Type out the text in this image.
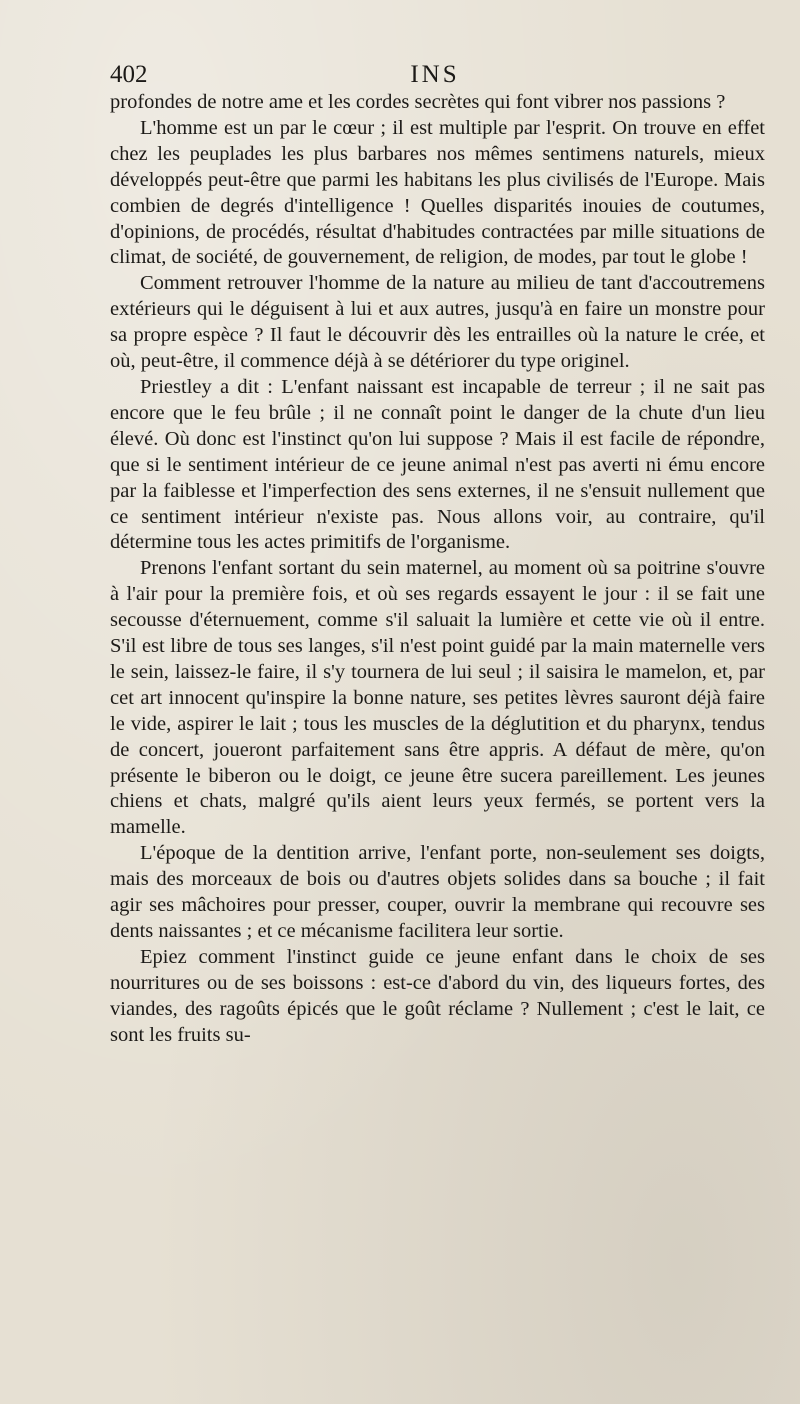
402	INS

profondes de notre ame et les cordes secrètes qui font vibrer nos passions ?

L'homme est un par le cœur ; il est multiple par l'esprit. On trouve en effet chez les peuplades les plus barbares nos mêmes sentimens naturels, mieux développés peut-être que parmi les habitans les plus civilisés de l'Europe. Mais combien de degrés d'intelligence ! Quelles disparités inouies de coutumes, d'opinions, de procédés, résultat d'habitudes contractées par mille situations de climat, de société, de gouvernement, de religion, de modes, par tout le globe !

Comment retrouver l'homme de la nature au milieu de tant d'accoutremens extérieurs qui le déguisent à lui et aux autres, jusqu'à en faire un monstre pour sa propre espèce ? Il faut le découvrir dès les entrailles où la nature le crée, et où, peut-être, il commence déjà à se détériorer du type originel.

Priestley a dit : L'enfant naissant est incapable de terreur ; il ne sait pas encore que le feu brûle ; il ne connaît point le danger de la chute d'un lieu élevé. Où donc est l'instinct qu'on lui suppose ? Mais il est facile de répondre, que si le sentiment intérieur de ce jeune animal n'est pas averti ni ému encore par la faiblesse et l'imperfection des sens externes, il ne s'ensuit nullement que ce sentiment intérieur n'existe pas. Nous allons voir, au contraire, qu'il détermine tous les actes primitifs de l'organisme.

Prenons l'enfant sortant du sein maternel, au moment où sa poitrine s'ouvre à l'air pour la première fois, et où ses regards essayent le jour : il se fait une secousse d'éternuement, comme s'il saluait la lumière et cette vie où il entre. S'il est libre de tous ses langes, s'il n'est point guidé par la main maternelle vers le sein, laissez-le faire, il s'y tournera de lui seul ; il saisira le mamelon, et, par cet art innocent qu'inspire la bonne nature, ses petites lèvres sauront déjà faire le vide, aspirer le lait ; tous les muscles de la déglutition et du pharynx, tendus de concert, joueront parfaitement sans être appris. A défaut de mère, qu'on présente le biberon ou le doigt, ce jeune être sucera pareillement. Les jeunes chiens et chats, malgré qu'ils aient leurs yeux fermés, se portent vers la mamelle.

L'époque de la dentition arrive, l'enfant porte, non-seulement ses doigts, mais des morceaux de bois ou d'autres objets solides dans sa bouche ; il fait agir ses mâchoires pour presser, couper, ouvrir la membrane qui recouvre ses dents naissantes ; et ce mécanisme facilitera leur sortie.

Epiez comment l'instinct guide ce jeune enfant dans le choix de ses nourritures ou de ses boissons : est-ce d'abord du vin, des liqueurs fortes, des viandes, des ragoûts épicés que le goût réclame ? Nullement ; c'est le lait, ce sont les fruits su-
